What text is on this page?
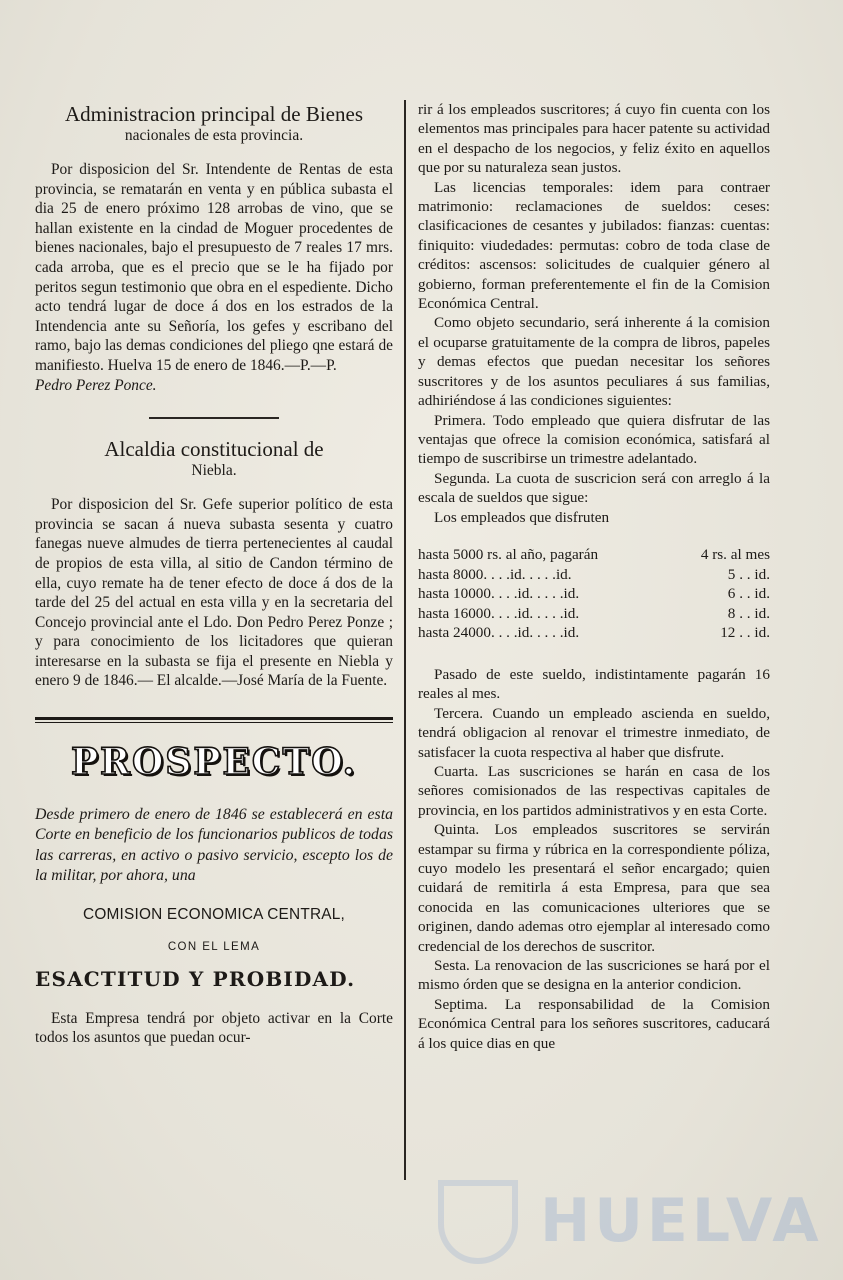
Administracion principal de Bienes

nacionales de esta provincia.

Por disposicion del Sr. Intendente de Rentas de esta provincia, se rematarán en venta y en pública subasta el dia 25 de enero próximo 128 arrobas de vino, que se hallan existente en la cindad de Moguer procedentes de bienes nacionales, bajo el presupuesto de 7 reales 17 mrs. cada arroba, que es el precio que se le ha fijado por peritos segun testimonio que obra en el espediente. Dicho acto tendrá lugar de doce á dos en los estrados de la Intendencia ante su Señoría, los gefes y escribano del ramo, bajo las demas condiciones del pliego qne estará de manifiesto. Huelva 15 de enero de 1846.—P.—P.

Pedro Perez Ponce.

Alcaldia constitucional de

Niebla.

Por disposicion del Sr. Gefe superior político de esta provincia se sacan á nueva subasta sesenta y cuatro fanegas nueve almudes de tierra pertenecientes al caudal de propios de esta villa, al sitio de Candon término de ella, cuyo remate ha de tener efecto de doce á dos de la tarde del 25 del actual en esta villa y en la secretaria del Concejo provincial ante el Ldo. Don Pedro Perez Ponze ; y para conocimiento de los licitadores que quieran interesarse en la subasta se fija el presente en Niebla y enero 9 de 1846.— El alcalde.—José María de la Fuente.

PROSPECTO.

Desde primero de enero de 1846 se establecerá en esta Corte en beneficio de los funcionarios publicos de todas las carreras, en activo o pasivo servicio, escepto los de la militar, por ahora, una

COMISION ECONOMICA CENTRAL,

CON EL LEMA

ESACTITUD Y PROBIDAD.

Esta Empresa tendrá por objeto activar en la Corte todos los asuntos que puedan ocur-

rir á los empleados suscritores; á cuyo fin cuenta con los elementos mas principales para hacer patente su actividad en el despacho de los negocios, y feliz éxito en aquellos que por su naturaleza sean justos.

Las licencias temporales: idem para contraer matrimonio: reclamaciones de sueldos: ceses: clasificaciones de cesantes y jubilados: fianzas: cuentas: finiquito: viudedades: permutas: cobro de toda clase de créditos: ascensos: solicitudes de cualquier género al gobierno, forman preferentemente el fin de la Comision Económica Central.

Como objeto secundario, será inherente á la comision el ocuparse gratuitamente de la compra de libros, papeles y demas efectos que puedan necesitar los señores suscritores y de los asuntos peculiares á sus familias, adhiriéndose á las condiciones siguientes:

Primera. Todo empleado que quiera disfrutar de las ventajas que ofrece la comision económica, satisfará al tiempo de suscribirse un trimestre adelantado.

Segunda. La cuota de suscricion será con arreglo á la escala de sueldos que sigue:

Los empleados que disfruten

hasta 5000 rs. al año, pagarán	4 rs. al mes
hasta 8000. . . .id. . . . .id.	5 . . id.
hasta 10000. . . .id. . . . .id.	6 . . id.
hasta 16000. . . .id. . . . .id.	8 . . id.
hasta 24000. . . .id. . . . .id.	12 . . id.

Pasado de este sueldo, indistintamente pagarán 16 reales al mes.

Tercera. Cuando un empleado ascienda en sueldo, tendrá obligacion al renovar el trimestre inmediato, de satisfacer la cuota respectiva al haber que disfrute.

Cuarta. Las suscriciones se harán en casa de los señores comisionados de las respectivas capitales de provincia, en los partidos administrativos y en esta Corte.

Quinta. Los empleados suscritores se servirán estampar su firma y rúbrica en la correspondiente póliza, cuyo modelo les presentará el señor encargado; quien cuidará de remitirla á esta Empresa, para que sea conocida en las comunicaciones ulteriores que se originen, dando ademas otro ejemplar al interesado como credencial de los derechos de suscritor.

Sesta. La renovacion de las suscriciones se hará por el mismo órden que se designa en la anterior condicion.

Septima. La responsabilidad de la Comision Económica Central para los señores suscritores, caducará á los quice dias en que

HUELVA
